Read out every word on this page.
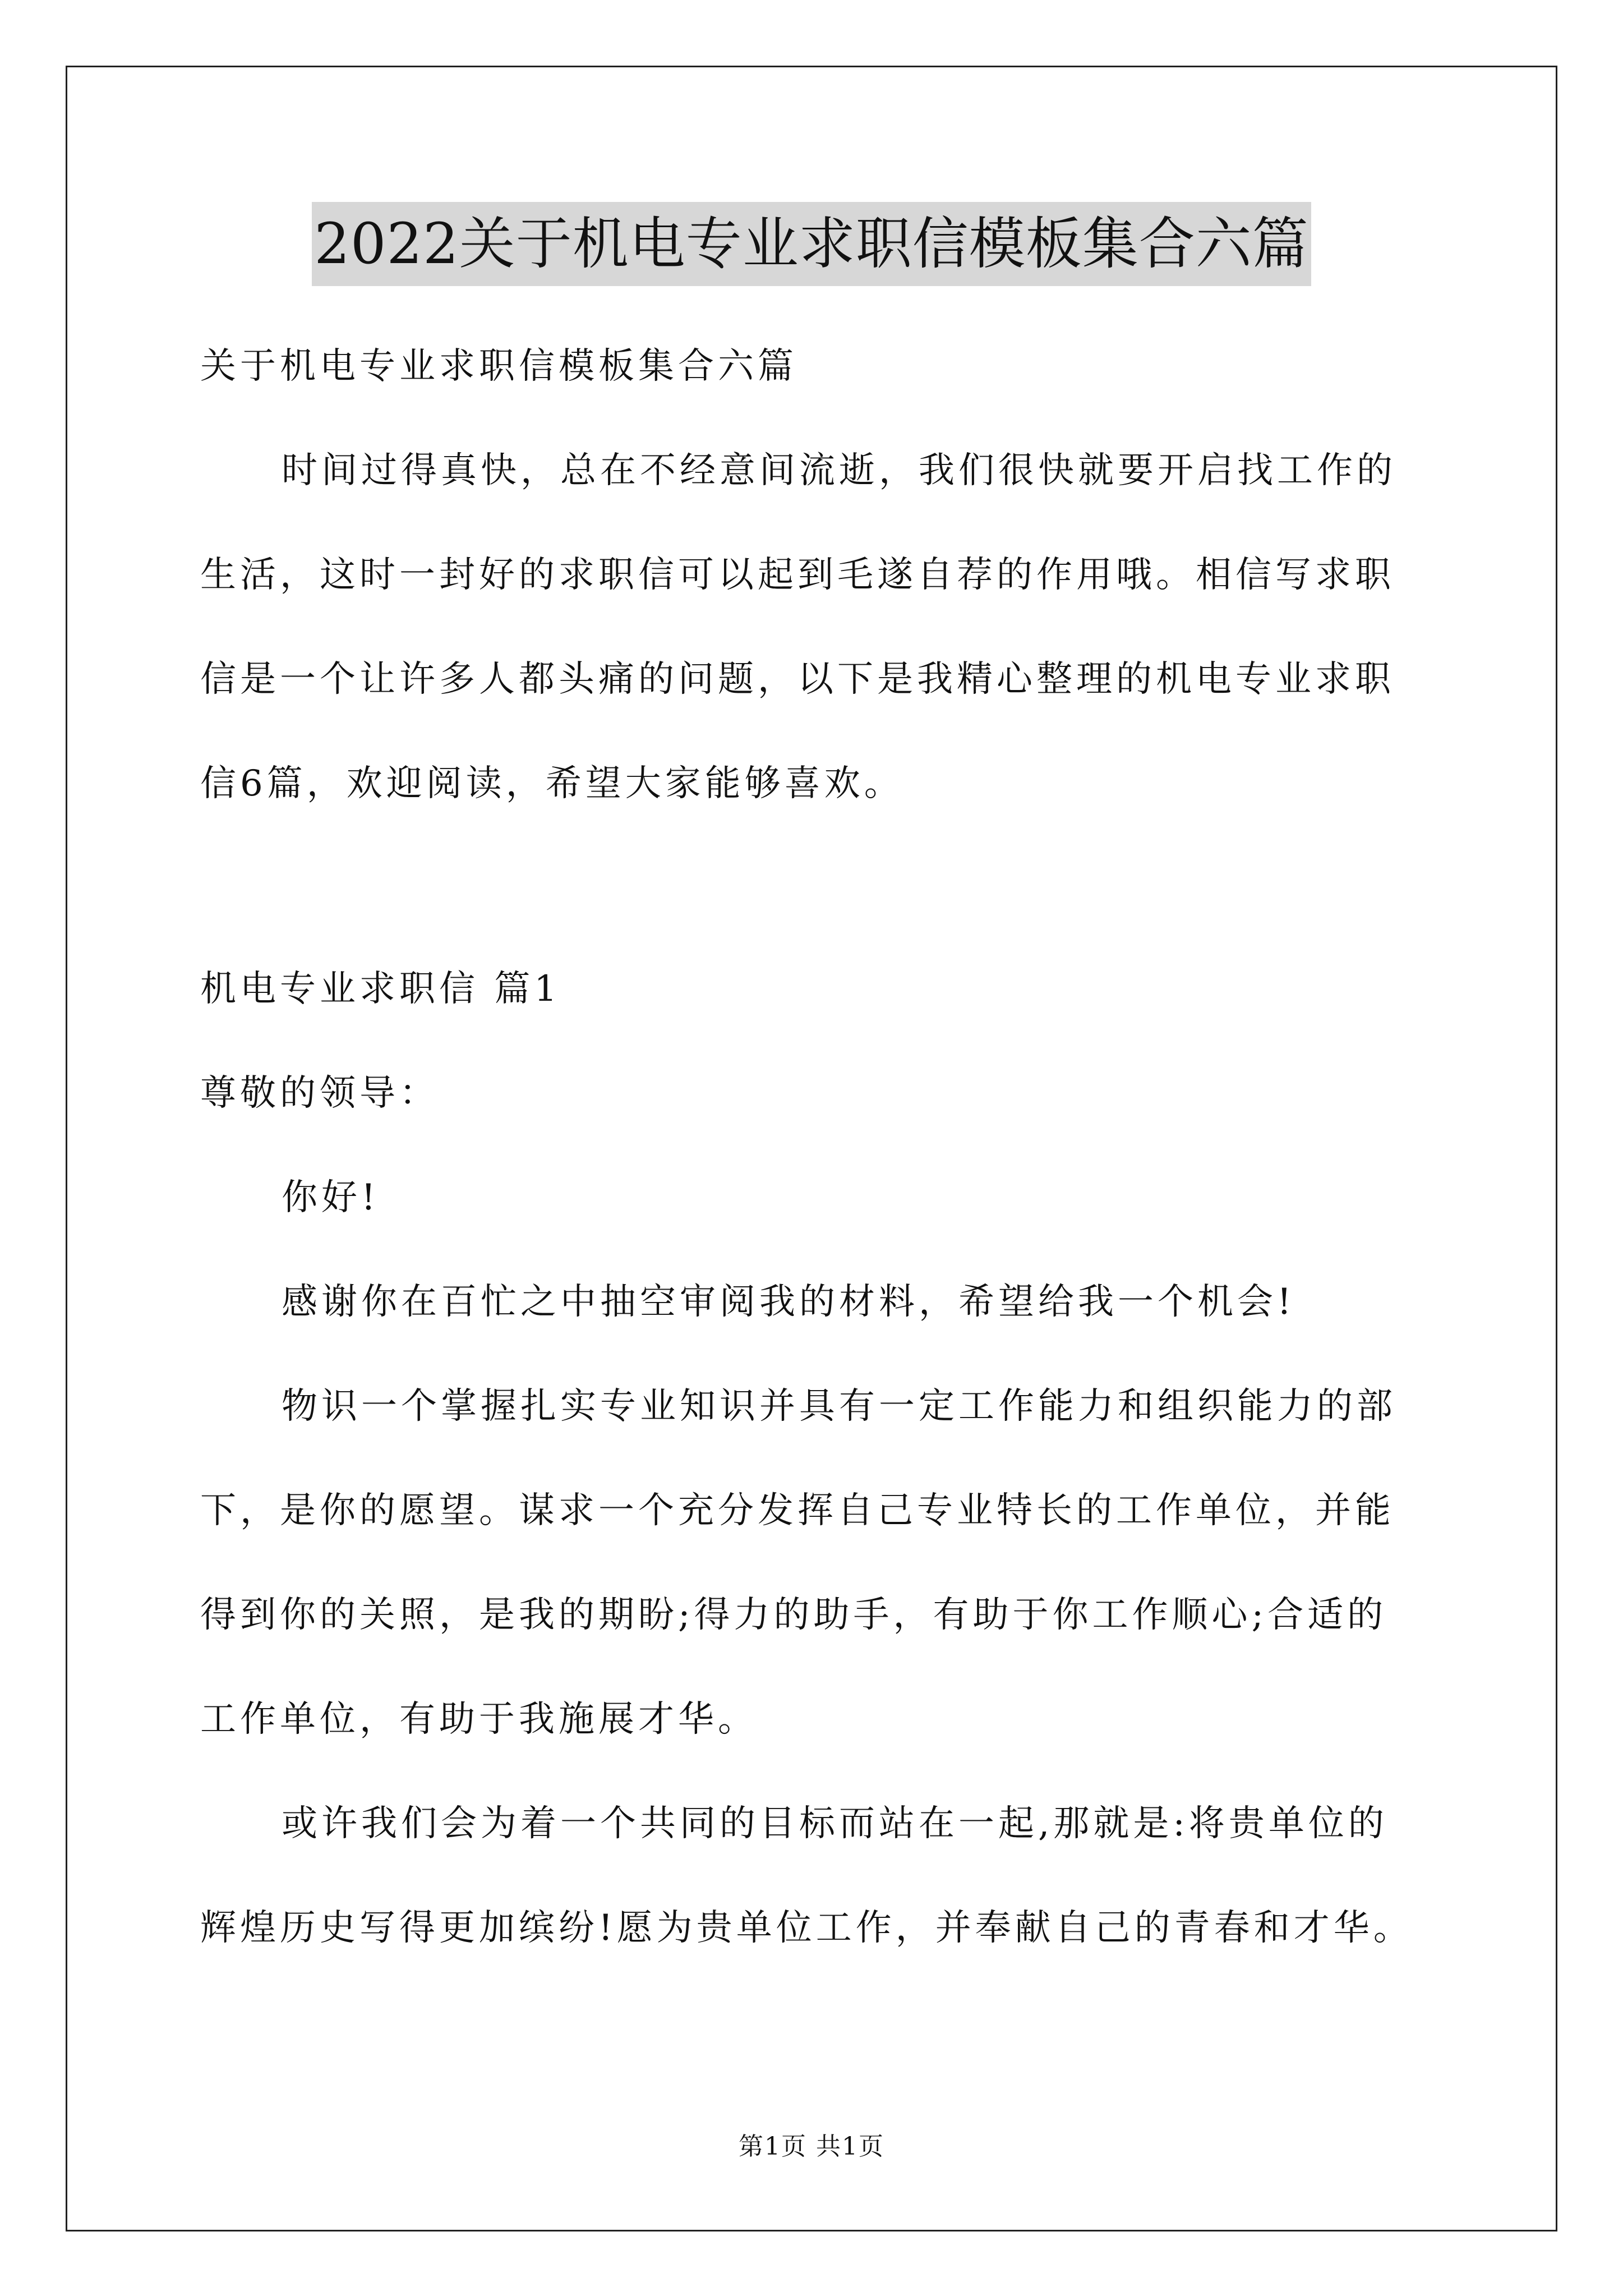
2022关于机电专业求职信模板集合六篇
关于机电专业求职信模板集合六篇
时间过得真快，总在不经意间流逝，我们很快就要开启找工作的
生活，这时一封好的求职信可以起到毛遂自荐的作用哦。相信写求职
信是一个让许多人都头痛的问题，以下是我精心整理的机电专业求职
信6篇，欢迎阅读，希望大家能够喜欢。
机电专业求职信 篇1
尊敬的领导：
你好!
感谢你在百忙之中抽空审阅我的材料，希望给我一个机会!
物识一个掌握扎实专业知识并具有一定工作能力和组织能力的部
下，是你的愿望。谋求一个充分发挥自己专业特长的工作单位，并能
得到你的关照，是我的期盼;得力的助手，有助于你工作顺心;合适的
工作单位，有助于我施展才华。
或许我们会为着一个共同的目标而站在一起,那就是:将贵单位的
辉煌历史写得更加缤纷!愿为贵单位工作，并奉献自己的青春和才华。
第1页 共1页
